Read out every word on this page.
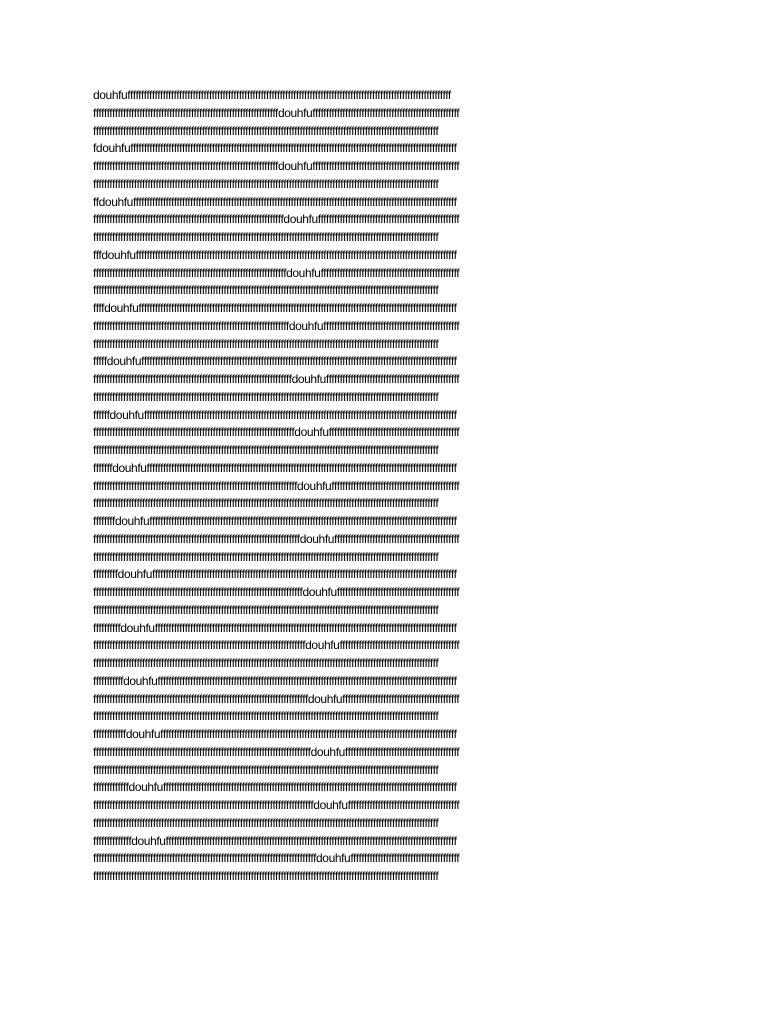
douhfufffffffffffffffffffffffffffffffffffffffffffffffffffffffffffffffffffffffffffffffffffffffffffffffffffffffffffffffffffffff
ffffffffffffffffffffffffffffffffffffffffffffffffffffffffffffffffffffdouhfuffffffffffffffffffffffffffffffffffffffffffffffffffffff
fffffffffffffffffffffffffffffffffffffffffffffffffffffffffffffffffffffffffffffffffffffffffffffffffffffffffffffffffffffffffffffff
fdouhfuffffffffffffffffffffffffffffffffffffffffffffffffffffffffffffffffffffffffffffffffffffffffffffffffffffffffffffffffffffffff
ffffffffffffffffffffffffffffffffffffffffffffffffffffffffffffffffffffdouhfuffffffffffffffffffffffffffffffffffffffffffffffffffffff
fffffffffffffffffffffffffffffffffffffffffffffffffffffffffffffffffffffffffffffffffffffffffffffffffffffffffffffffffffffffffffffff
ffdouhfufffffffffffffffffffffffffffffffffffffffffffffffffffffffffffffffffffffffffffffffffffffffffffffffffffffffffffffffffffffff
ffffffffffffffffffffffffffffffffffffffffffffffffffffffffffffffffffffffdouhfuffffffffffffffffffffffffffffffffffffffffffffffffffff
fffffffffffffffffffffffffffffffffffffffffffffffffffffffffffffffffffffffffffffffffffffffffffffffffffffffffffffffffffffffffffffff
fffdouhfuffffffffffffffffffffffffffffffffffffffffffffffffffffffffffffffffffffffffffffffffffffffffffffffffffffffffffffffffffffff
fffffffffffffffffffffffffffffffffffffffffffffffffffffffffffffffffffffffdouhfufffffffffffffffffffffffffffffffffffffffffffffffffff
fffffffffffffffffffffffffffffffffffffffffffffffffffffffffffffffffffffffffffffffffffffffffffffffffffffffffffffffffffffffffffffff
ffffdouhfufffffffffffffffffffffffffffffffffffffffffffffffffffffffffffffffffffffffffffffffffffffffffffffffffffffffffffffffffffff
ffffffffffffffffffffffffffffffffffffffffffffffffffffffffffffffffffffffffdouhfuffffffffffffffffffffffffffffffffffffffffffffffffff
fffffffffffffffffffffffffffffffffffffffffffffffffffffffffffffffffffffffffffffffffffffffffffffffffffffffffffffffffffffffffffffff
fffffdouhfuffffffffffffffffffffffffffffffffffffffffffffffffffffffffffffffffffffffffffffffffffffffffffffffffffffffffffffffffffff
fffffffffffffffffffffffffffffffffffffffffffffffffffffffffffffffffffffffffdouhfufffffffffffffffffffffffffffffffffffffffffffffffff
fffffffffffffffffffffffffffffffffffffffffffffffffffffffffffffffffffffffffffffffffffffffffffffffffffffffffffffffffffffffffffffff
ffffffdouhfufffffffffffffffffffffffffffffffffffffffffffffffffffffffffffffffffffffffffffffffffffffffffffffffffffffffffffffffffff
ffffffffffffffffffffffffffffffffffffffffffffffffffffffffffffffffffffffffffdouhfuffffffffffffffffffffffffffffffffffffffffffffffff
fffffffffffffffffffffffffffffffffffffffffffffffffffffffffffffffffffffffffffffffffffffffffffffffffffffffffffffffffffffffffffffff
fffffffdouhfuffffffffffffffffffffffffffffffffffffffffffffffffffffffffffffffffffffffffffffffffffffffffffffffffffffffffffffffffff
fffffffffffffffffffffffffffffffffffffffffffffffffffffffffffffffffffffffffffdouhfufffffffffffffffffffffffffffffffffffffffffffffff
fffffffffffffffffffffffffffffffffffffffffffffffffffffffffffffffffffffffffffffffffffffffffffffffffffffffffffffffffffffffffffffff
ffffffffdouhfufffffffffffffffffffffffffffffffffffffffffffffffffffffffffffffffffffffffffffffffffffffffffffffffffffffffffffffffff
ffffffffffffffffffffffffffffffffffffffffffffffffffffffffffffffffffffffffffffdouhfuffffffffffffffffffffffffffffffffffffffffffffff
fffffffffffffffffffffffffffffffffffffffffffffffffffffffffffffffffffffffffffffffffffffffffffffffffffffffffffffffffffffffffffffff
fffffffffdouhfuffffffffffffffffffffffffffffffffffffffffffffffffffffffffffffffffffffffffffffffffffffffffffffffffffffffffffffffff
fffffffffffffffffffffffffffffffffffffffffffffffffffffffffffffffffffffffffffffdouhfufffffffffffffffffffffffffffffffffffffffffffff
fffffffffffffffffffffffffffffffffffffffffffffffffffffffffffffffffffffffffffffffffffffffffffffffffffffffffffffffffffffffffffffff
ffffffffffdouhfufffffffffffffffffffffffffffffffffffffffffffffffffffffffffffffffffffffffffffffffffffffffffffffffffffffffffffffff
ffffffffffffffffffffffffffffffffffffffffffffffffffffffffffffffffffffffffffffffdouhfuffffffffffffffffffffffffffffffffffffffffffff
fffffffffffffffffffffffffffffffffffffffffffffffffffffffffffffffffffffffffffffffffffffffffffffffffffffffffffffffffffffffffffffff
fffffffffffdouhfuffffffffffffffffffffffffffffffffffffffffffffffffffffffffffffffffffffffffffffffffffffffffffffffffffffffffffffff
fffffffffffffffffffffffffffffffffffffffffffffffffffffffffffffffffffffffffffffffdouhfufffffffffffffffffffffffffffffffffffffffffff
fffffffffffffffffffffffffffffffffffffffffffffffffffffffffffffffffffffffffffffffffffffffffffffffffffffffffffffffffffffffffffffff
ffffffffffffdouhfufffffffffffffffffffffffffffffffffffffffffffffffffffffffffffffffffffffffffffffffffffffffffffffffffffffffffffff
ffffffffffffffffffffffffffffffffffffffffffffffffffffffffffffffffffffffffffffffffdouhfuffffffffffffffffffffffffffffffffffffffffff
fffffffffffffffffffffffffffffffffffffffffffffffffffffffffffffffffffffffffffffffffffffffffffffffffffffffffffffffffffffffffffffff
fffffffffffffdouhfuffffffffffffffffffffffffffffffffffffffffffffffffffffffffffffffffffffffffffffffffffffffffffffffffffffffffffff
fffffffffffffffffffffffffffffffffffffffffffffffffffffffffffffffffffffffffffffffffdouhfufffffffffffffffffffffffffffffffffffffffff
fffffffffffffffffffffffffffffffffffffffffffffffffffffffffffffffffffffffffffffffffffffffffffffffffffffffffffffffffffffffffffffff
ffffffffffffffdouhfufffffffffffffffffffffffffffffffffffffffffffffffffffffffffffffffffffffffffffffffffffffffffffffffffffffffffff
ffffffffffffffffffffffffffffffffffffffffffffffffffffffffffffffffffffffffffffffffffdouhfuffffffffffffffffffffffffffffffffffffffff
fffffffffffffffffffffffffffffffffffffffffffffffffffffffffffffffffffffffffffffffffffffffffffffffffffffffffffffffffffffffffffffff
